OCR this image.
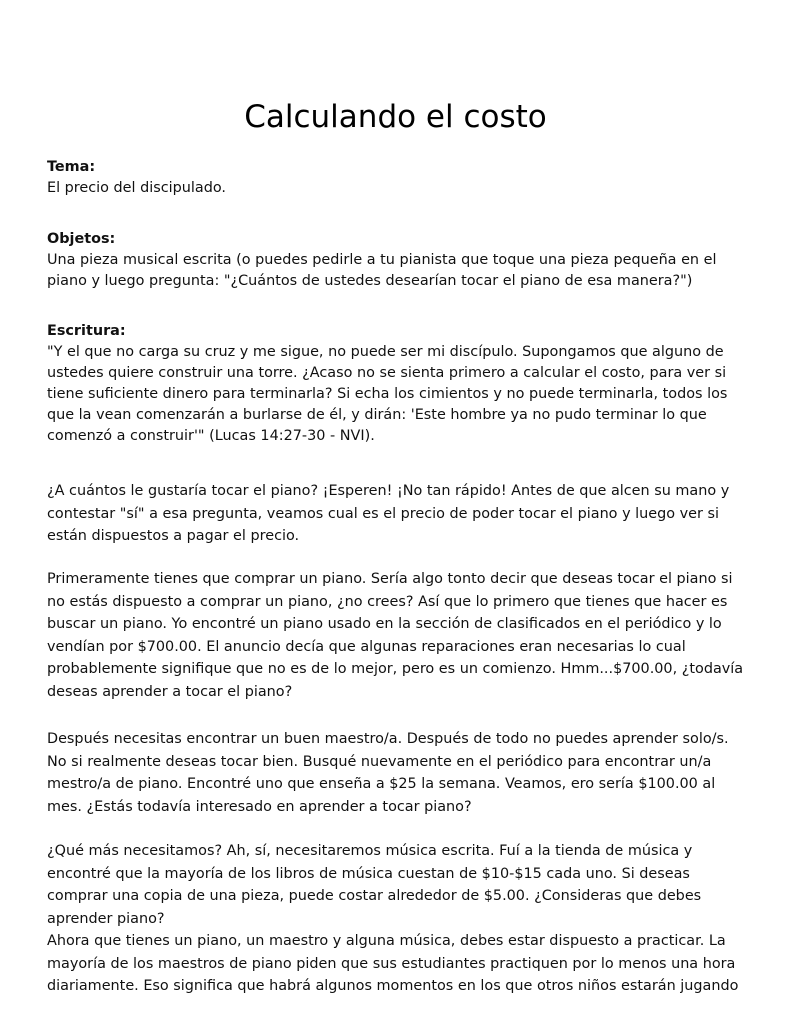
Calculando el costo
Tema:
El precio del discipulado.
Objetos:
Una pieza musical escrita (o puedes pedirle a tu pianista que toque una pieza pequeña en el piano y luego pregunta: "¿Cuántos de ustedes desearían tocar el piano de esa manera?")
Escritura:
"Y el que no carga su cruz y me sigue, no puede ser mi discípulo. Supongamos que alguno de ustedes quiere construir una torre. ¿Acaso no se sienta primero a calcular el costo, para ver si tiene suficiente dinero para terminarla? Si echa los cimientos y no puede terminarla, todos los que la vean comenzarán a burlarse de él, y dirán: 'Este hombre ya no pudo terminar lo que comenzó a construir'" (Lucas 14:27-30 - NVI).

¿A cuántos le gustaría tocar el piano? ¡Esperen! ¡No tan rápido! Antes de que alcen su mano y contestar "sí" a esa pregunta, veamos cual es el precio de poder tocar el piano y luego ver si están dispuestos a pagar el precio.

Primeramente tienes que comprar un piano. Sería algo tonto decir que deseas tocar el piano si no estás dispuesto a comprar un piano, ¿no crees? Así que lo primero que tienes que hacer es buscar un piano. Yo encontré un piano usado en la sección de clasificados en el periódico y lo vendían por $700.00. El anuncio decía que algunas reparaciones eran necesarias lo cual probablemente signifique que no es de lo mejor, pero es un comienzo. Hmm...$700.00, ¿todavía deseas aprender a tocar el piano?

Después necesitas encontrar un buen maestro/a. Después de todo no puedes aprender solo/s. No si realmente deseas tocar bien. Busqué nuevamente en el periódico para encontrar un/a mestro/a de piano. Encontré uno que enseña a $25 la semana. Veamos, ero sería $100.00 al mes. ¿Estás todavía interesado en aprender a tocar piano?

¿Qué más necesitamos? Ah, sí, necesitaremos música escrita. Fuí a la tienda de música y encontré que la mayoría de los libros de música cuestan de $10-$15 cada uno. Si deseas comprar una copia de una pieza, puede costar alrededor de $5.00. ¿Consideras que debes aprender piano?

Ahora que tienes un piano, un maestro y alguna música, debes estar dispuesto a practicar. La mayoría de los maestros de piano piden que sus estudiantes practiquen por lo menos una hora diariamente. Eso significa que habrá algunos momentos en los que otros niños estarán jugando
